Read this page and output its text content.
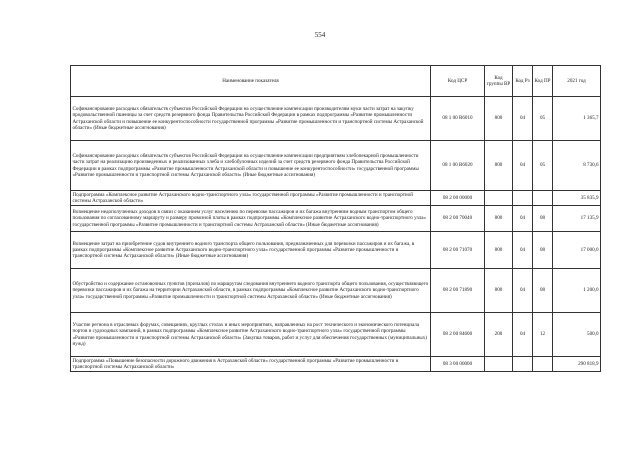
554
Наименование показателя	Код ЦСР	Код группы ВР	Код Рз	Код ПР	2021 год
Софинансирование расходных обязательств субъектов Российской Федерации на осуществление компенсации производителям муки части затрат на закупку продовольственной пшеницы за счет средств резервного фонда Правительства Российской Федерации в рамках подпрограммы «Развитие промышленности Астраханской области и повышение ее конкурентоспособности государственной программы «Развитие промышленности и транспортной системы Астраханской области» (Иные бюджетные ассигнования)	08 1 00 R6010	800	04	05	1 365,7
Софинансирование расходных обязательств субъектов Российской Федерации на осуществление компенсации предприятиям хлебопекарной промышленности части затрат на реализацию произведенных и реализованных хлеба и хлебобулочных изделий за счет средств резервного фонда Правительства Российской Федерации в рамках подпрограммы «Развитие промышленности Астраханской области и повышение ее конкурентоспособности» государственной программы «Развитие промышленности и транспортной системы Астраханской области» (Иные бюджетные ассигнования)	08 1 00 R6020	800	04	05	8 730,6
Подпрограмма «Комплексное развитие Астраханского водно-транспортного узла» государственной программы «Развитие промышленности и транспортной системы Астраханской области»	08 2 00 00000				35 835,9
Возмещение недополученных доходов в связи с оказанием услуг населению по перевозке пассажиров и их багажа внутренним водным транспортом общего пользования по согласованному маршруту и размеру провозной платы в рамках подпрограммы «Комплексное развитие Астраханского водно-транспортного узла» государственной программы «Развитие промышленности и транспортной системы Астраханской области» (Иные бюджетные ассигнования)	08 2 00 70040	800	04	08	17 135,9
Возмещение затрат на приобретение судов внутреннего водного транспорта общего пользования, предназначенных для перевозки пассажиров и их багажа, в рамках подпрограммы «Комплексное развитие Астраханского водно-транспортного узла» государственной программы «Развитие промышленности и транспортной системы Астраханской области» (Иные бюджетные ассигнования)	08 2 00 71070	800	04	08	17 000,0
Обустройство и содержание остановочных пунктов (причалов) по маршрутам следования внутреннего водного транспорта общего пользования, осуществляющего перевозки пассажиров и их багажа на территории Астраханской области, в рамках подпрограммы «Комплексное развитие Астраханского водно-транспортного узла» государственной программы «Развитие промышленности и транспортной системы Астраханской области» (Иные бюджетные ассигнования)	08 2 00 71890	800	04	08	1 200,0
Участие региона в отраслевых форумах, совещаниях, круглых столах и иных мероприятиях, направленных на рост технического и экономического потенциала портов и судоходных компаний, в рамках подпрограммы «Комплексное развитие Астраханского водно-транспортного узла» государственной программы «Развитие промышленности и транспортной системы Астраханской области» (Закупка товаров, работ и услуг для обеспечения государственных (муниципальных) нужд)	08 2 00 84600	200	04	12	500,0
Подпрограмма «Повышение безопасности дорожного движения в Астраханской области» государственной программы «Развитие промышленности и транспортной системы Астраханской области»	08 3 00 00000				290 818,9
